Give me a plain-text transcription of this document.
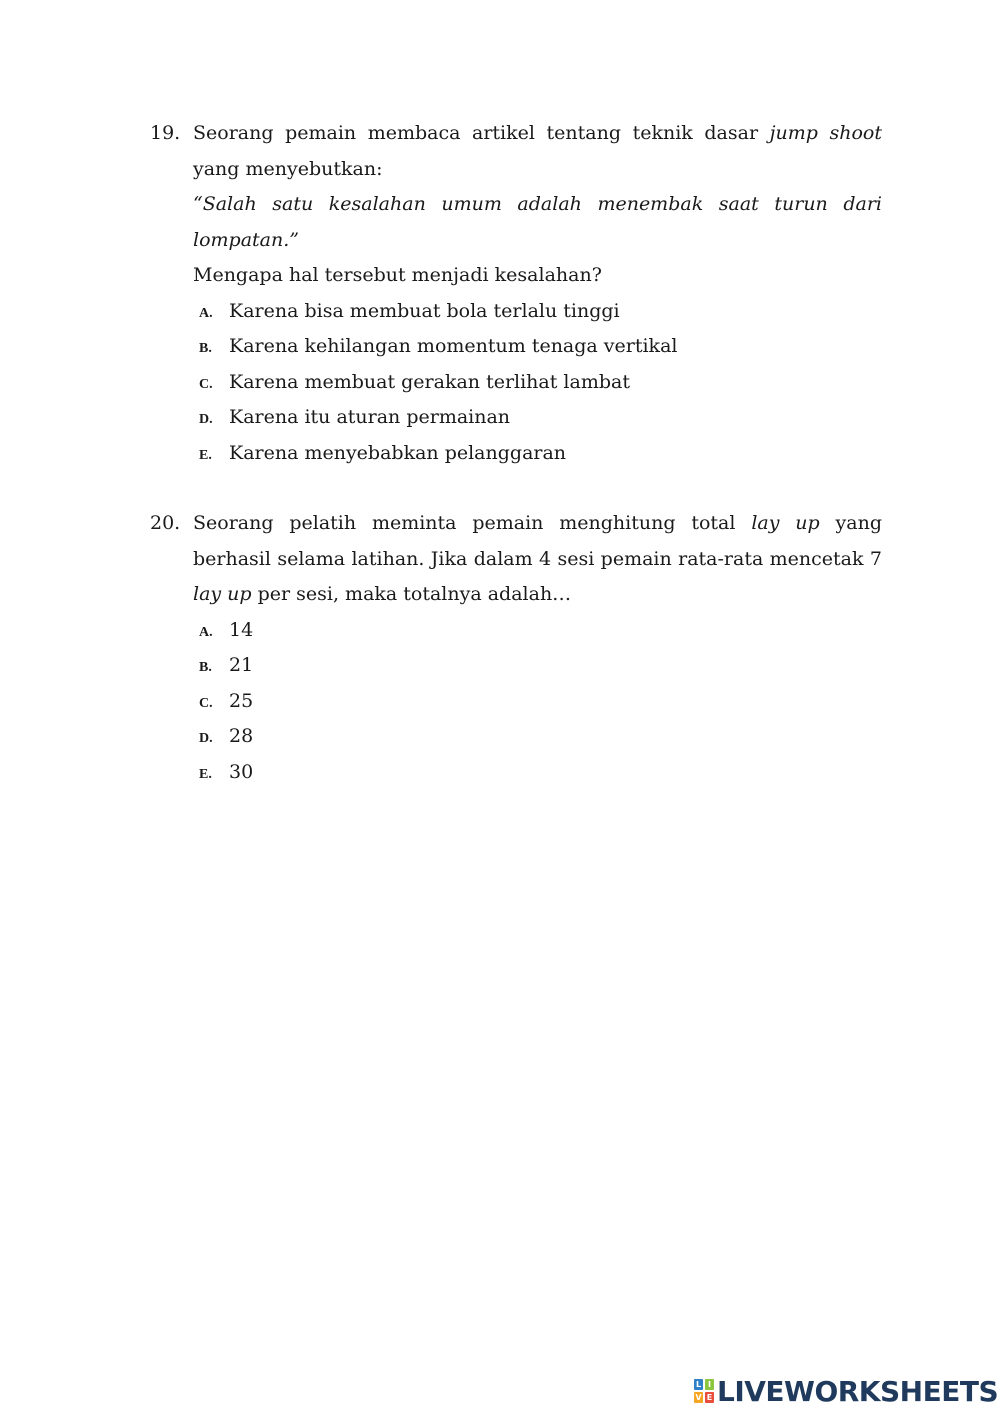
19. Seorang pemain membaca artikel tentang teknik dasar jump shoot
yang menyebutkan:
“Salah satu kesalahan umum adalah menembak saat turun dari lompatan.”
Mengapa hal tersebut menjadi kesalahan?
A. Karena bisa membuat bola terlalu tinggi
B. Karena kehilangan momentum tenaga vertikal
C. Karena membuat gerakan terlihat lambat
D. Karena itu aturan permainan
E. Karena menyebabkan pelanggaran
20. Seorang pelatih meminta pemain menghitung total lay up yang berhasil selama latihan. Jika dalam 4 sesi pemain rata-rata mencetak 7 lay up per sesi, maka totalnya adalah…
A. 14
B. 21
C. 25
D. 28
E. 30
L I
V E LIVEWORKSHEETS
